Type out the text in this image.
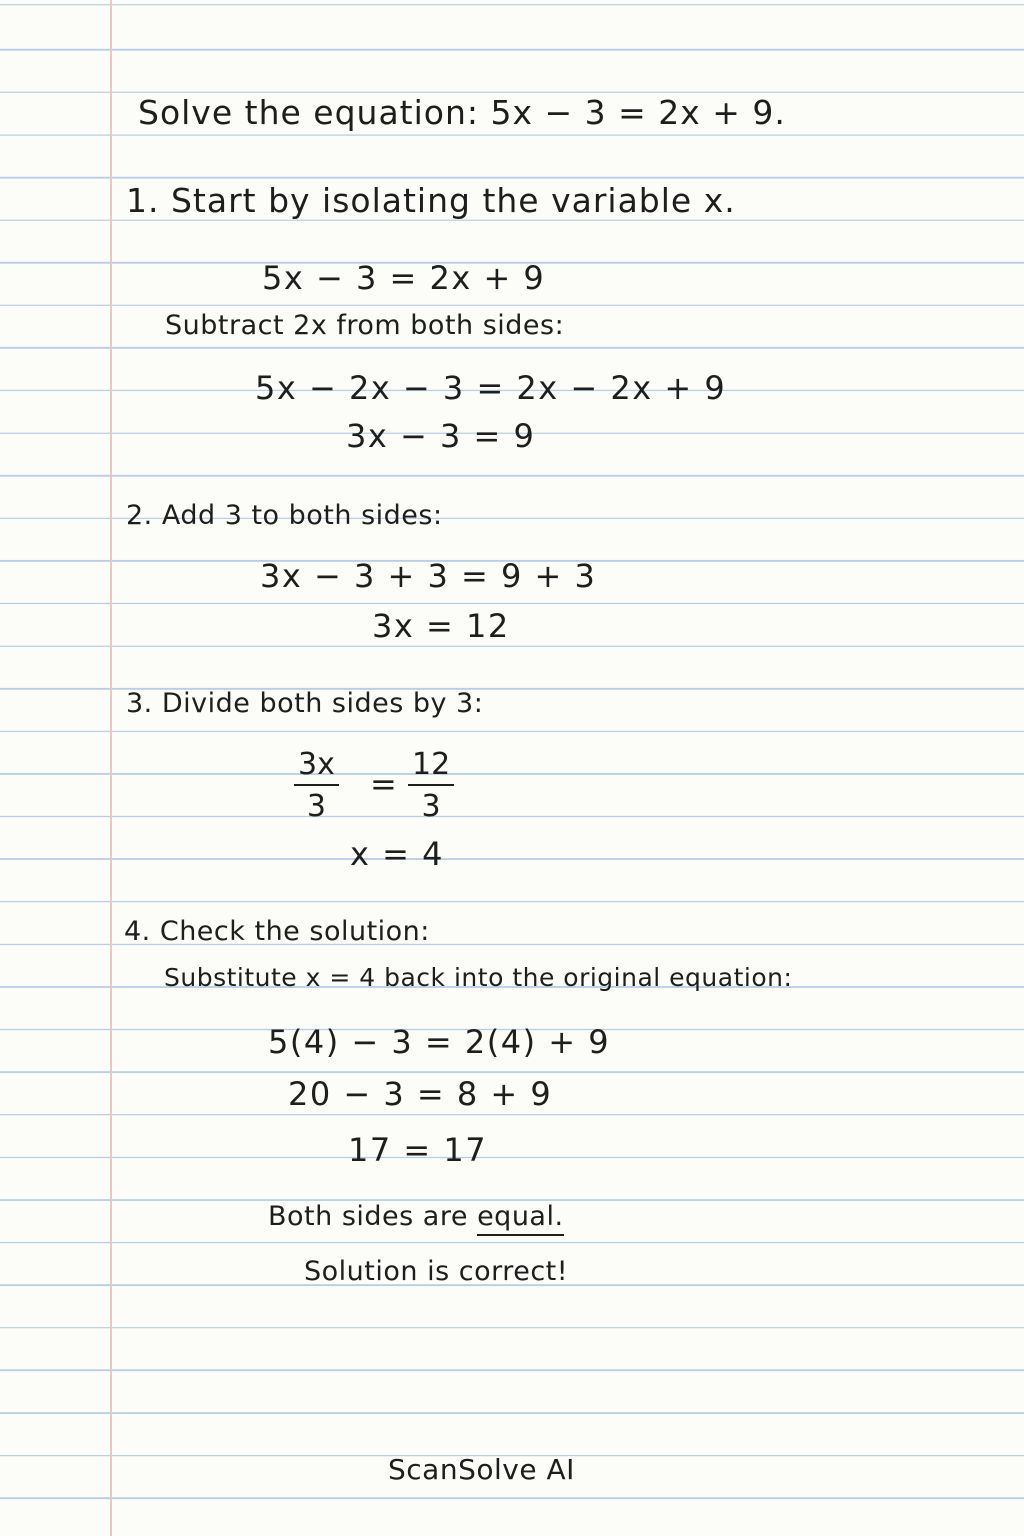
Solve the equation: 5x − 3 = 2x + 9.
1. Start by isolating the variable x.
5x − 3 = 2x + 9
Subtract 2x from both sides:
5x − 2x − 3 = 2x − 2x + 9
3x − 3 = 9
2. Add 3 to both sides:
3x − 3 + 3 = 9 + 3
3x = 12
3. Divide both sides by 3:
$\frac{3x}{3} = \frac{12}{3}$
x = 4
4. Check the solution:
Substitute x = 4 back into the original equation:
5(4) − 3 = 2(4) + 9
20 − 3 = 8 + 9
17 = 17
Both sides are equal.
Solution is correct!
ScanSolve AI
